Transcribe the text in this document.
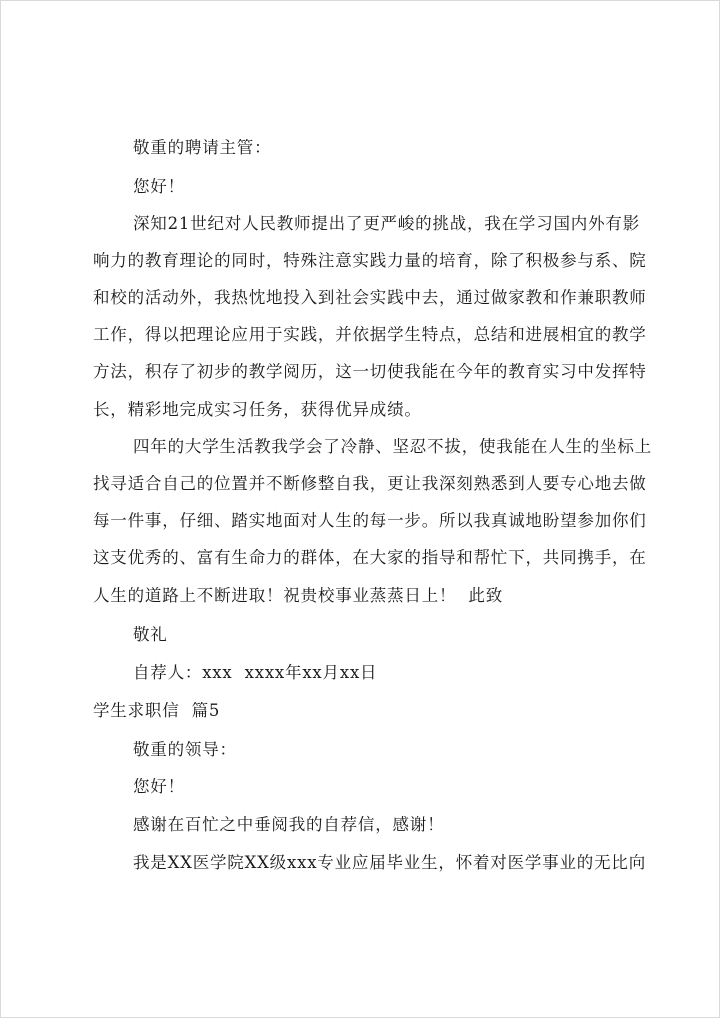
敬重的聘请主管：
您好！
深知21世纪对人民教师提出了更严峻的挑战，我在学习国内外有影
响力的教育理论的同时，特殊注意实践力量的培育，除了积极参与系、院
和校的活动外，我热忱地投入到社会实践中去，通过做家教和作兼职教师
工作，得以把理论应用于实践，并依据学生特点，总结和进展相宜的教学
方法，积存了初步的教学阅历，这一切使我能在今年的教育实习中发挥特
长，精彩地完成实习任务，获得优异成绩。
四年的大学生活教我学会了冷静、坚忍不拔，使我能在人生的坐标上
找寻适合自己的位置并不断修整自我，更让我深刻熟悉到人要专心地去做
每一件事，仔细、踏实地面对人生的每一步。所以我真诚地盼望参加你们
这支优秀的、富有生命力的群体，在大家的指导和帮忙下，共同携手，在
人生的道路上不断进取！祝贵校事业蒸蒸日上！  此致
敬礼
自荐人：xxx  xxxx年xx月xx日
学生求职信  篇5
敬重的领导：
您好！
感谢在百忙之中垂阅我的自荐信，感谢！
我是XX医学院XX级xxx专业应届毕业生，怀着对医学事业的无比向
